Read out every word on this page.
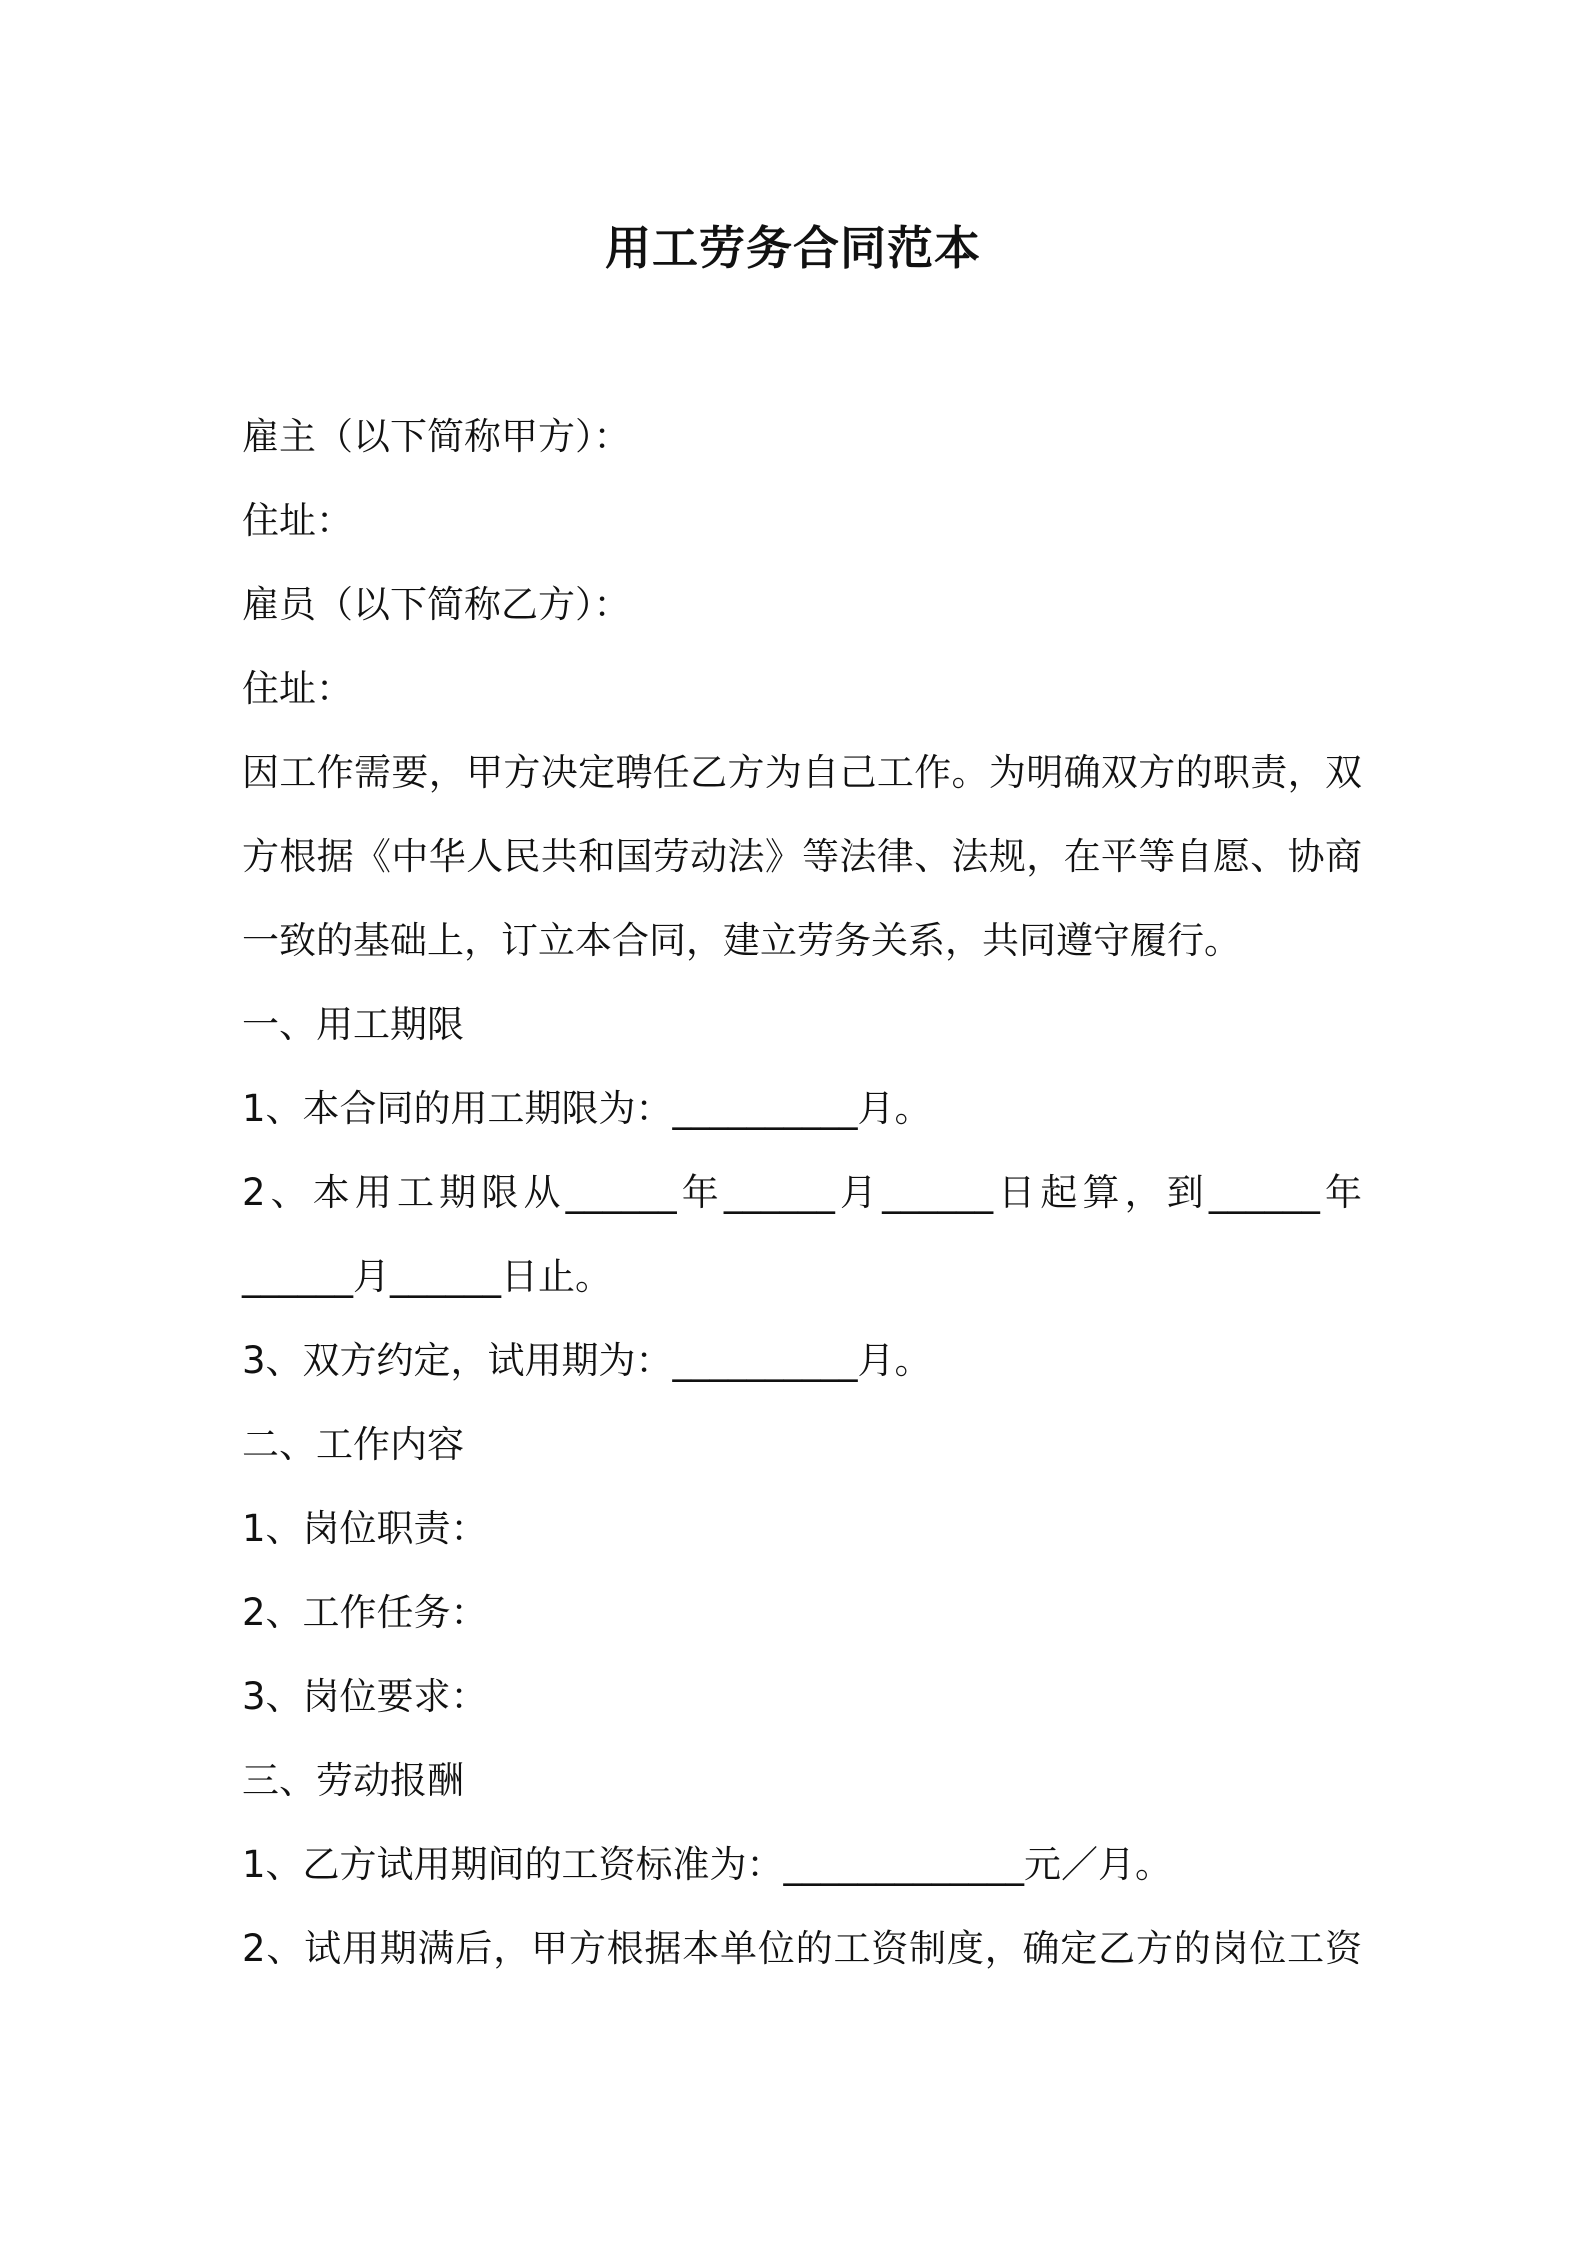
用工劳务合同范本
雇主（以下简称甲方）：
住址：
雇员（以下简称乙方）：
住址：
因工作需要，甲方决定聘任乙方为自己工作。为明确双方的职责，双
方根据《中华人民共和国劳动法》等法律、法规，在平等自愿、协商
一致的基础上，订立本合同，建立劳务关系，共同遵守履行。
一、用工期限
1、本合同的用工期限为：__________月。
2、本用工期限从______年______月______日起算，到______年
______月______日止。
3、双方约定，试用期为：__________月。
二、工作内容
1、岗位职责：
2、工作任务：
3、岗位要求：
三、劳动报酬
1、乙方试用期间的工资标准为：_____________元／月。
2、试用期满后，甲方根据本单位的工资制度，确定乙方的岗位工资
